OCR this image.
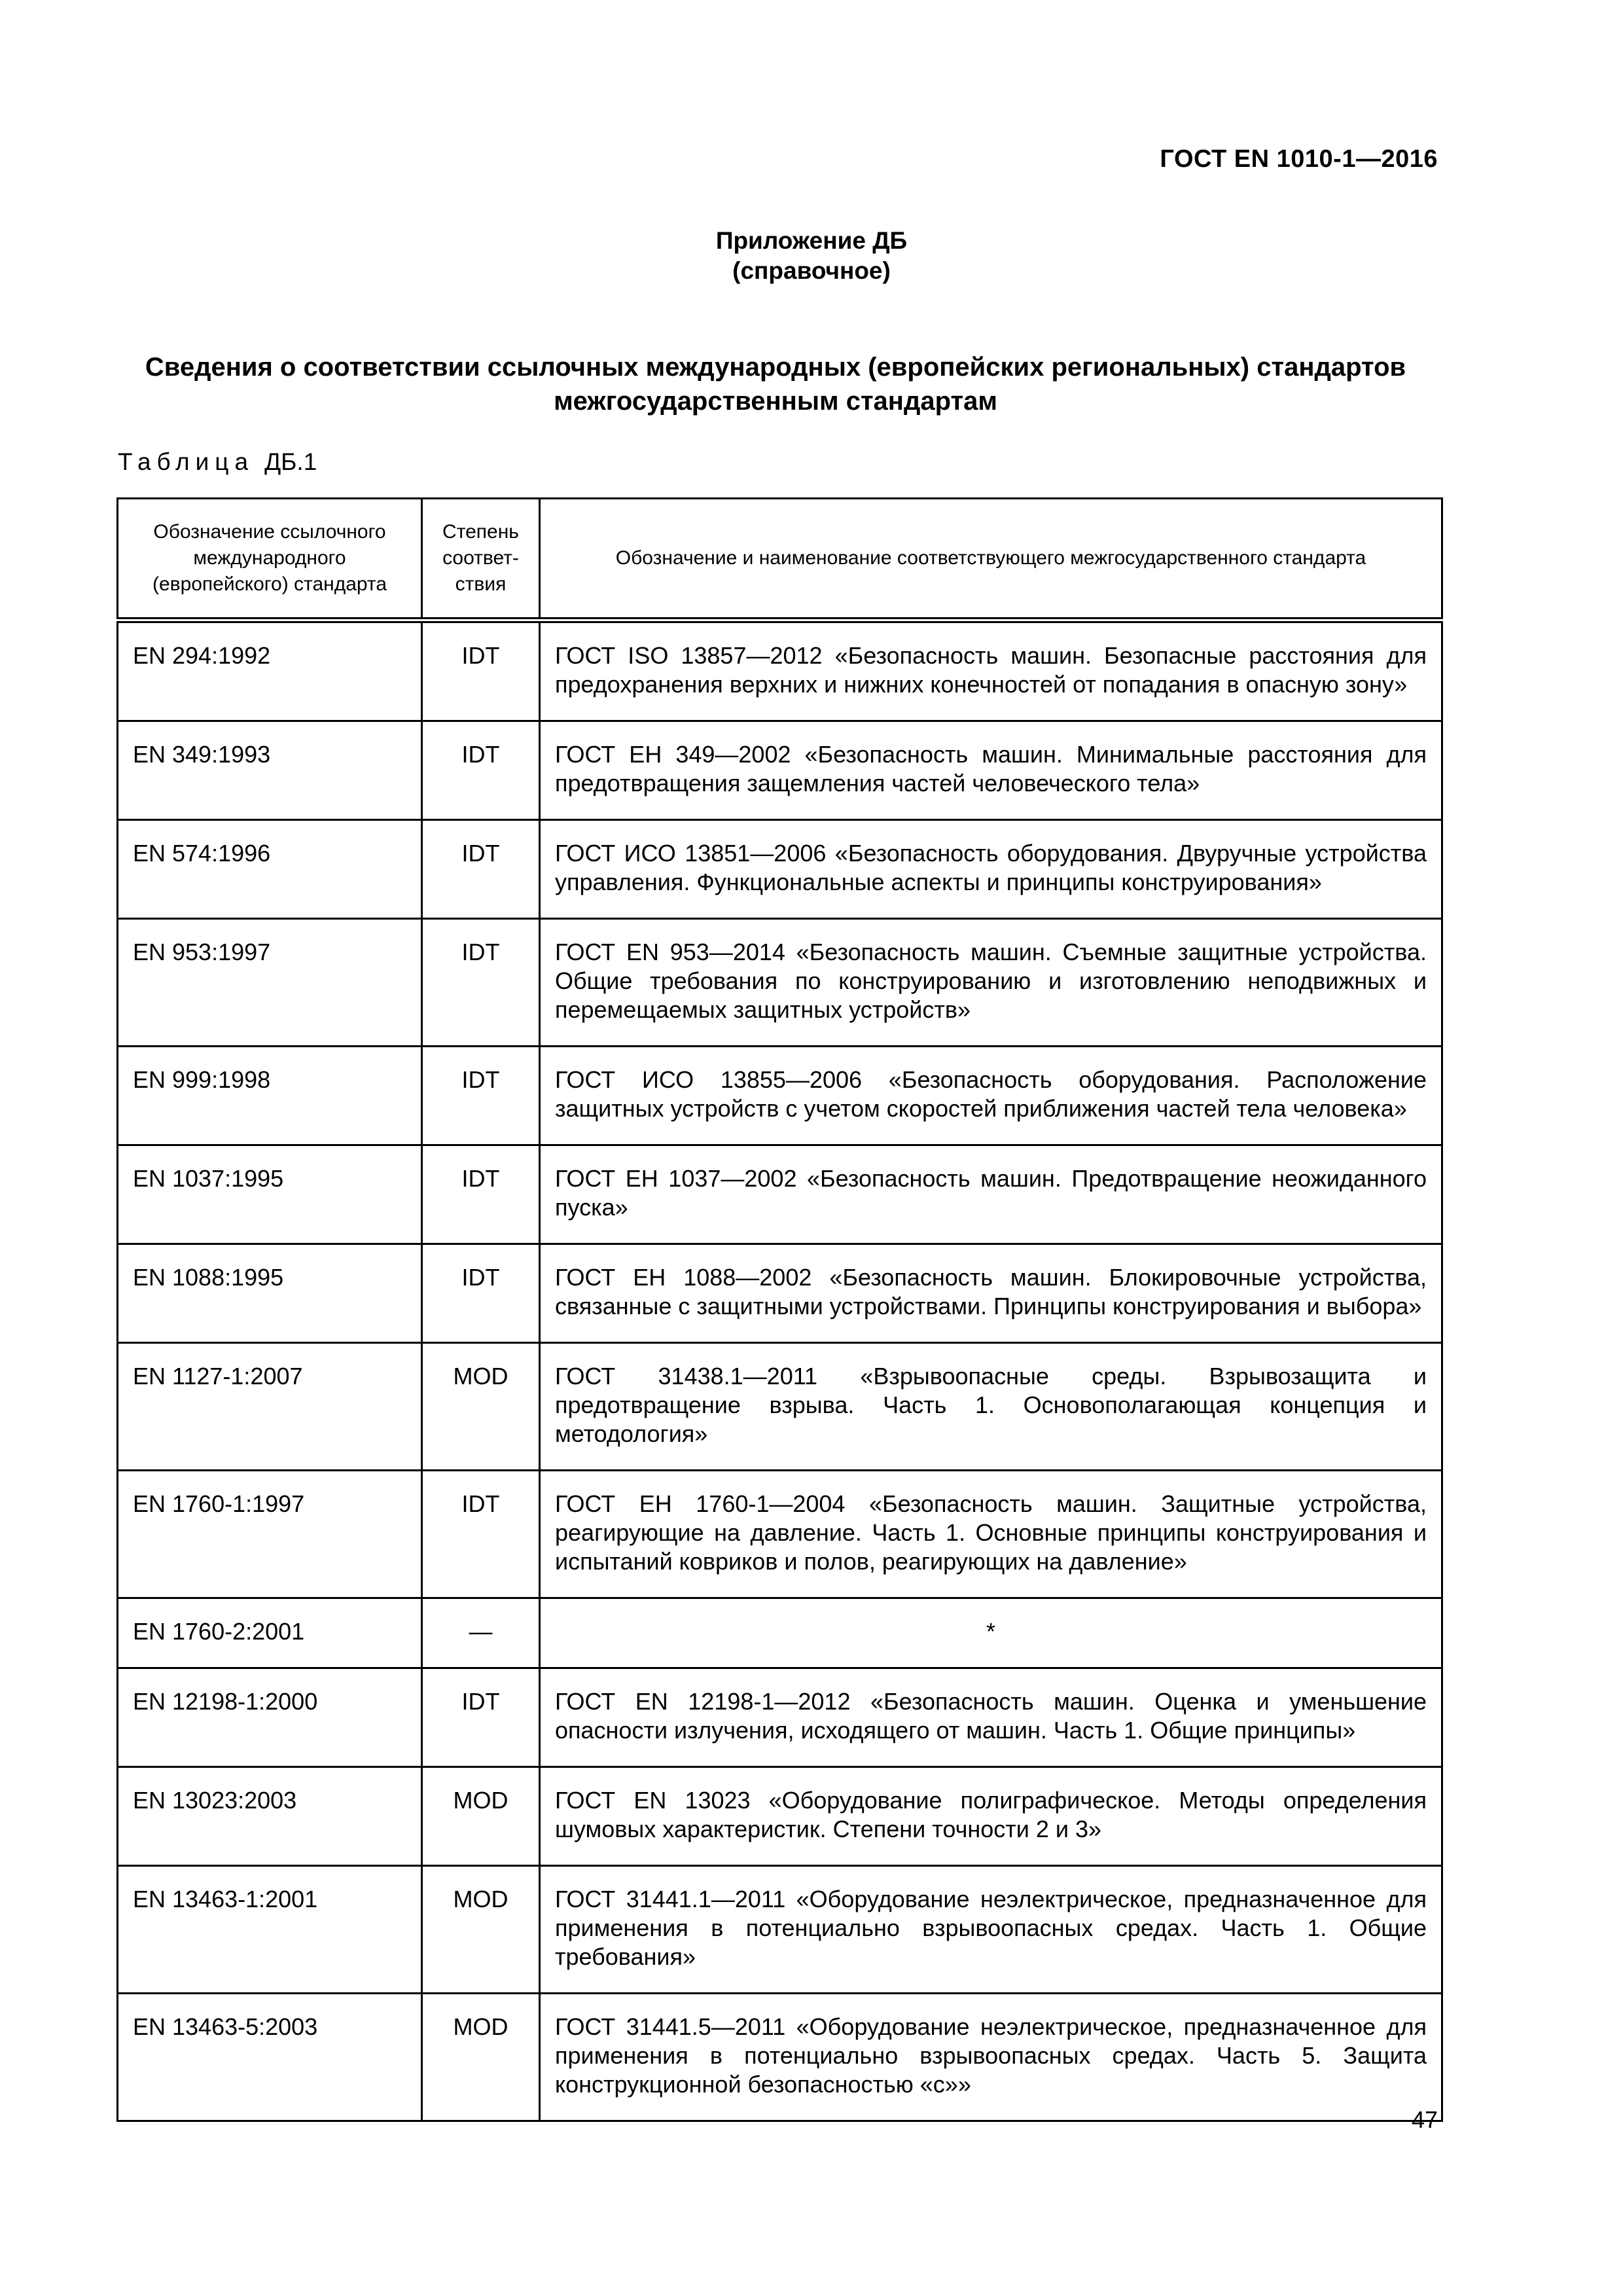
ГОСТ EN 1010-1—2016
Приложение ДБ
(справочное)
Сведения о соответствии ссылочных международных (европейских региональных) стандартов
межгосударственным стандартам
Таблица ДБ.1
Обозначение ссылочного международного (европейского) стандарта	Степень соответ- ствия	Обозначение и наименование соответствующего межгосударственного стандарта
EN 294:1992	IDT	ГОСТ ISO 13857—2012 «Безопасность машин. Безопасные расстояния для предохранения верхних и нижних конечностей от попадания в опасную зону»
EN 349:1993	IDT	ГОСТ ЕН 349—2002 «Безопасность машин. Минимальные расстояния для предотвращения защемления частей человеческого тела»
EN 574:1996	IDT	ГОСТ ИСО 13851—2006 «Безопасность оборудования. Двуручные устройства управления. Функциональные аспекты и принципы конструирования»
EN 953:1997	IDT	ГОСТ EN 953—2014 «Безопасность машин. Съемные защитные устройства. Общие требования по конструированию и изготовлению неподвижных и перемещаемых защитных устройств»
EN 999:1998	IDT	ГОСТ ИСО 13855—2006 «Безопасность оборудования. Расположение защитных устройств с учетом скоростей приближения частей тела человека»
EN 1037:1995	IDT	ГОСТ ЕН 1037—2002 «Безопасность машин. Предотвращение неожиданного пуска»
EN 1088:1995	IDT	ГОСТ ЕН 1088—2002 «Безопасность машин. Блокировочные устройства, связанные с защитными устройствами. Принципы конструирования и выбора»
EN 1127-1:2007	MOD	ГОСТ 31438.1—2011 «Взрывоопасные среды. Взрывозащита и предотвращение взрыва. Часть 1. Основополагающая концепция и методология»
EN 1760-1:1997	IDT	ГОСТ ЕН 1760-1—2004 «Безопасность машин. Защитные устройства, реагирующие на давление. Часть 1. Основные принципы конструирования и испытаний ковриков и полов, реагирующих на давление»
EN 1760-2:2001	—	*
EN 12198-1:2000	IDT	ГОСТ EN 12198-1—2012 «Безопасность машин. Оценка и уменьшение опасности излучения, исходящего от машин. Часть 1. Общие принципы»
EN 13023:2003	MOD	ГОСТ EN 13023 «Оборудование полиграфическое. Методы определения шумовых характеристик. Степени точности 2 и 3»
EN 13463-1:2001	MOD	ГОСТ 31441.1—2011 «Оборудование неэлектрическое, предназначенное для применения в потенциально взрывоопасных средах. Часть 1. Общие требования»
EN 13463-5:2003	MOD	ГОСТ 31441.5—2011 «Оборудование неэлектрическое, предназначенное для применения в потенциально взрывоопасных средах. Часть 5. Защита конструкционной безопасностью «с»»
47
